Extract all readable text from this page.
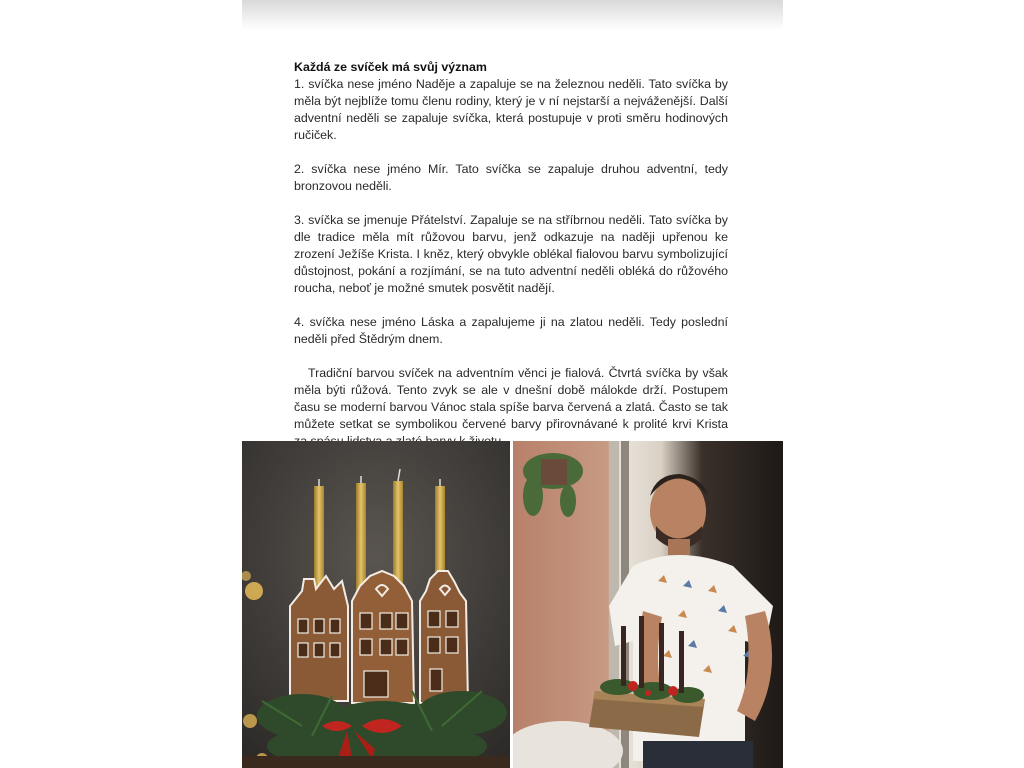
Každá ze svíček má svůj význam

1. svíčka nese jméno Naděje a zapaluje se na železnou neděli. Tato svíčka by měla být nejblíže tomu členu rodiny, který je v ní nejstarší a nejváženější. Další adventní neděli se zapaluje svíčka, která postupuje v proti směru hodinových ručiček.

2. svíčka nese jméno Mír. Tato svíčka se zapaluje druhou adventní, tedy bronzovou neděli.

3. svíčka se jmenuje Přátelství. Zapaluje se na stříbrnou neděli. Tato svíčka by dle tradice měla mít růžovou barvu, jenž odkazuje na naději upřenou ke zrození Ježíše Krista. I kněz, který obvykle oblékal fialovou barvu symbolizující důstojnost, pokání a rozjímání, se na tuto adventní neděli obléká do růžového roucha, neboť je možné smutek posvětit nadějí.

4. svíčka nese jméno Láska a zapalujeme ji na zlatou neděli. Tedy poslední neděli před Štědrým dnem.

Tradiční barvou svíček na adventním věnci je fialová. Čtvrtá svíčka by však měla býti růžová. Tento zvyk se ale v dnešní době málokde drží. Postupem času se moderní barvou Vánoc stala spíše barva červená a zlatá. Často se tak můžete setkat se symbolikou červené barvy přirovnávané k prolité krvi Krista
